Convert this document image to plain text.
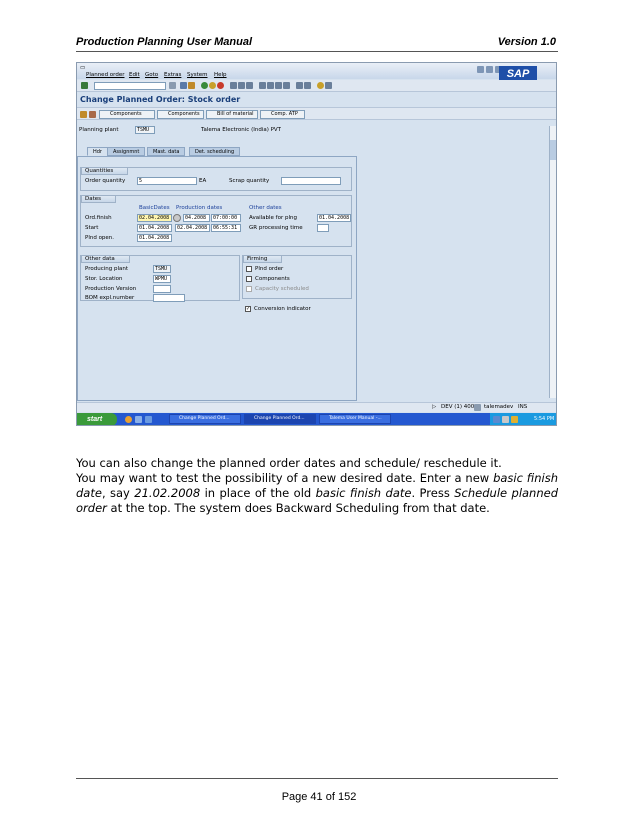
Production Planning User Manual	Version 1.0
▭
Planned order Edit Goto Extras System Help	SAP
Change Planned Order: Stock order
Components	Components	Bill of material	Comp. ATP
Planning plant	TSMU	Talema Electronic (India) PVT
Hdr	Assignmnt	Mast. data	Det. scheduling
Quantities
Order quantity	5	EA	Scrap quantity
Dates
BasicDates Production dates	Other dates
Ord.finish	02.04.2008	04.2008	07:00:00	Available for plng	01.04.2008
Start	01.04.2008	02.04.2008	06:55:31	GR processing time
Plnd open.	01.04.2008
Other data
Producing plant	TSMU
Stor. Location	WPMU
Production Version
BOM expl.number
Firming
Plnd order
Components
Capacity scheduled
✓ Conversion indicator
▷ DEV (1) 400 talemadev INS
start	Change Planned Ord...	Change Planned Ord...	Talema User Manual -...	5:54 PM
You can also change the planned order dates and schedule/ reschedule it.
You may want to test the possibility of a new desired date. Enter a new basic finish date, say 21.02.2008 in place of the old basic finish date. Press Schedule planned order at the top. The system does Backward Scheduling from that date.
Page 41 of 152
